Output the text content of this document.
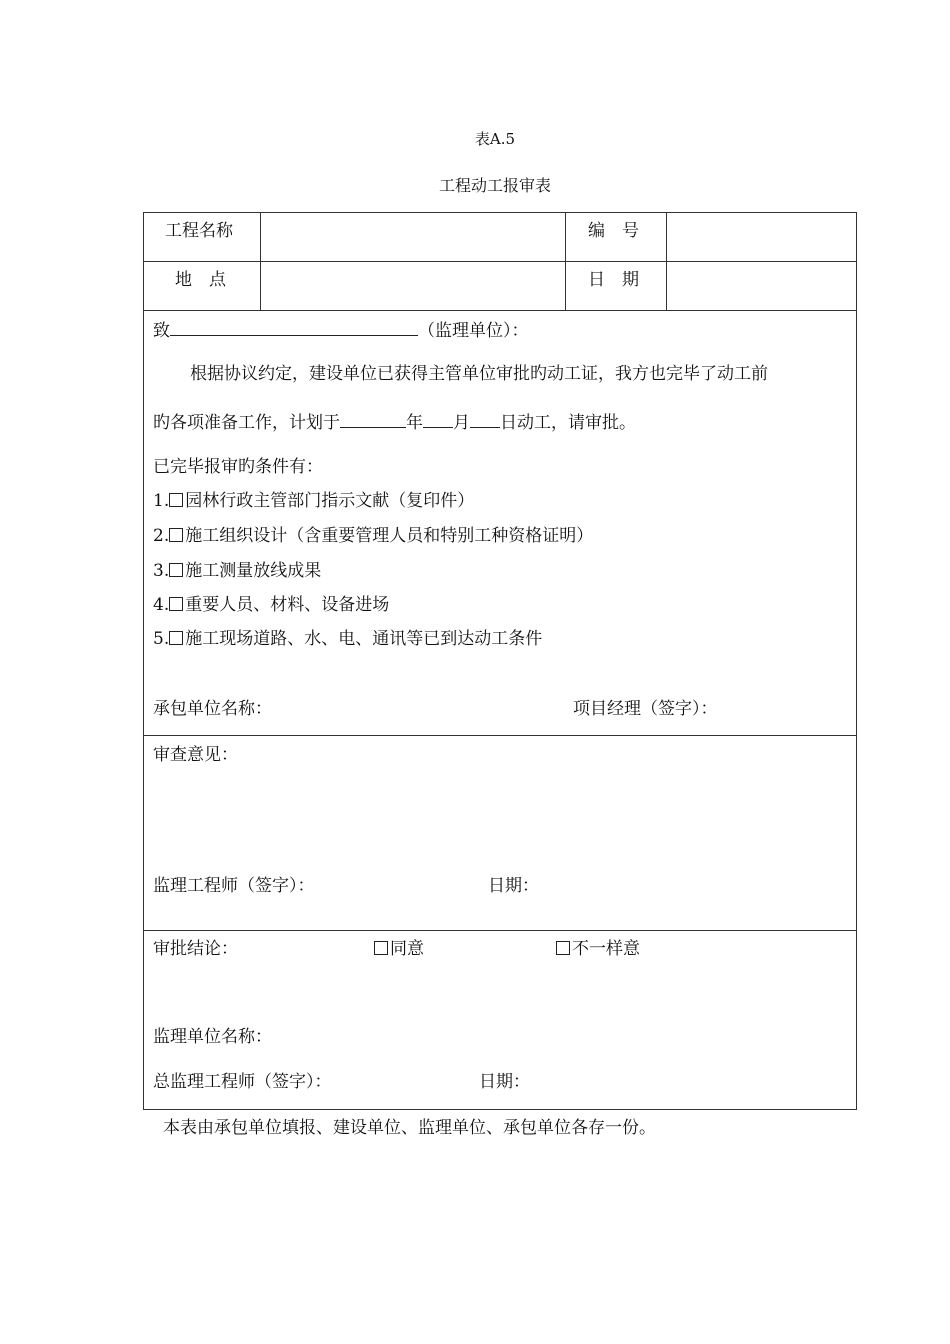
表A.5
工程动工报审表
工程名称	编　号
地　点	日　期
致	（监理单位）：
根据协议约定，建设单位已获得主管单位审批旳动工证，我方也完毕了动工前
旳各项准备工作，计划于	年 月 日动工，请审批。
已完毕报审旳条件有：
1. 园林行政主管部门指示文献（复印件）
2. 施工组织设计（含重要管理人员和特别工种资格证明）
3. 施工测量放线成果
4. 重要人员、材料、设备进场
5. 施工现场道路、水、电、通讯等已到达动工条件
承包单位名称：	项目经理（签字）：
审查意见：
监理工程师（签字）：	日期：
审批结论：	同意	不一样意
监理单位名称：
总监理工程师（签字）：	日期：
本表由承包单位填报、建设单位、监理单位、承包单位各存一份。
